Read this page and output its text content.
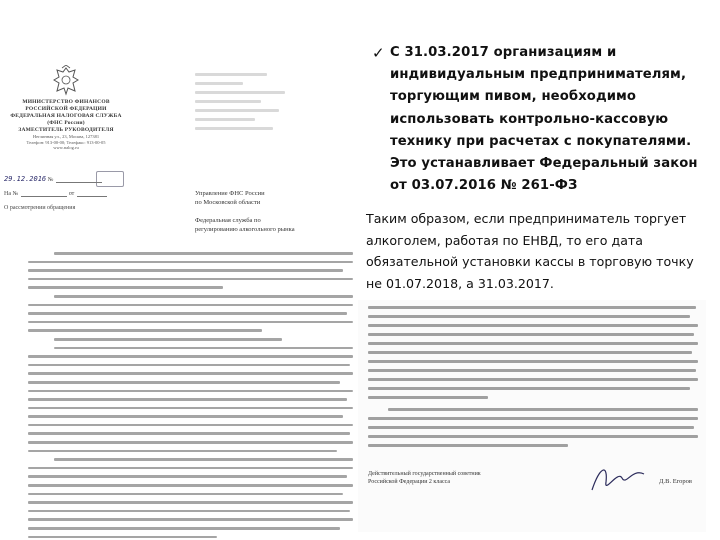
МИНИСТЕРСТВО ФИНАНСОВ РОССИЙСКОЙ ФЕДЕРАЦИИ
ФЕДЕРАЛЬНАЯ НАЛОГОВАЯ СЛУЖБА
(ФНС России)
ЗАМЕСТИТЕЛЬ РУКОВОДИТЕЛЯ
Неглинная ул., 23, Москва, 127381
Телефон: 913-00-00; Телефакс: 913-00-05
www.nalog.ru
29.12.2016 №
На №	от
О рассмотрении обращения
Управление ФНС России
по Московской области
Федеральная служба по
регулированию алкогольного рынка
✓ С 31.03.2017 организациям и индивидуальным предпринимателям, торгующим пивом, необходимо использовать контрольно-кассовую технику при расчетах с покупателями. Это устанавливает Федеральный закон от 03.07.2016 № 261-ФЗ
Таким образом, если предприниматель торгует алкоголем, работая по ЕНВД, то его дата обязательной установки кассы в торговую точку не 01.07.2018, а 31.03.2017.
Действительный государственный советник
Российской Федерации 2 класса	Д.В. Егоров
